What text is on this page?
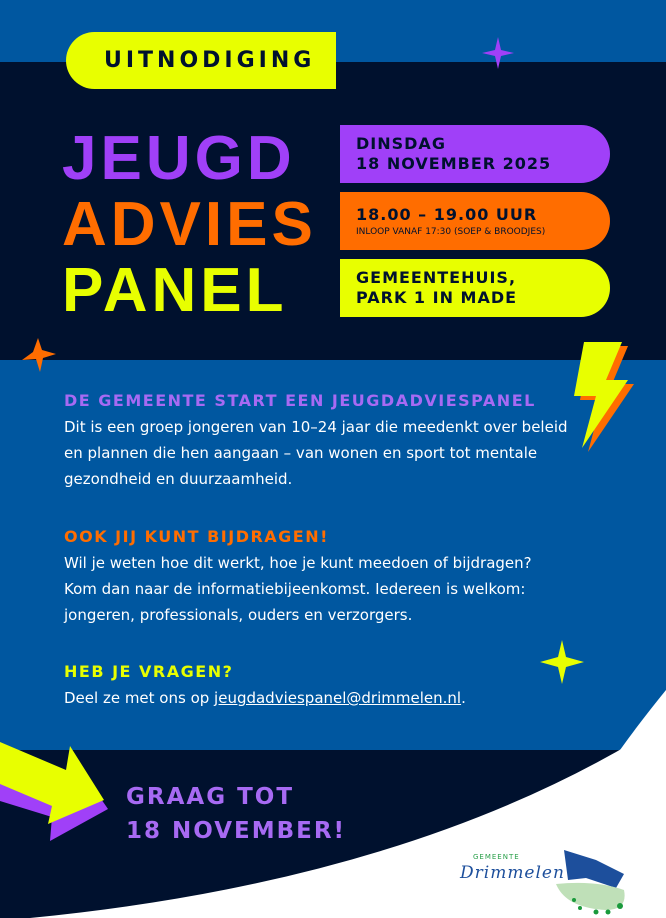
UITNODIGING
DINSDAG
18 NOVEMBER 2025
18.00 – 19.00 UUR
INLOOP VANAF 17:30 (SOEP & BROODJES)
GEMEENTEHUIS,
PARK 1 IN MADE
JEUGD
ADVIES
PANEL
DE GEMEENTE START EEN JEUGDADVIESPANEL
Dit is een groep jongeren van 10–24 jaar die meedenkt over beleid en plannen die hen aangaan – van wonen en sport tot mentale gezondheid en duurzaamheid.
OOK JIJ KUNT BIJDRAGEN!
Wil je weten hoe dit werkt, hoe je kunt meedoen of bijdragen? Kom dan naar de informatiebijeenkomst. Iedereen is welkom: jongeren, professionals, ouders en verzorgers.
HEB JE VRAGEN?
Deel ze met ons op jeugdadviespanel@drimmelen.nl.
GRAAG TOT
18 NOVEMBER!
GEMEENTE
Drimmelen
